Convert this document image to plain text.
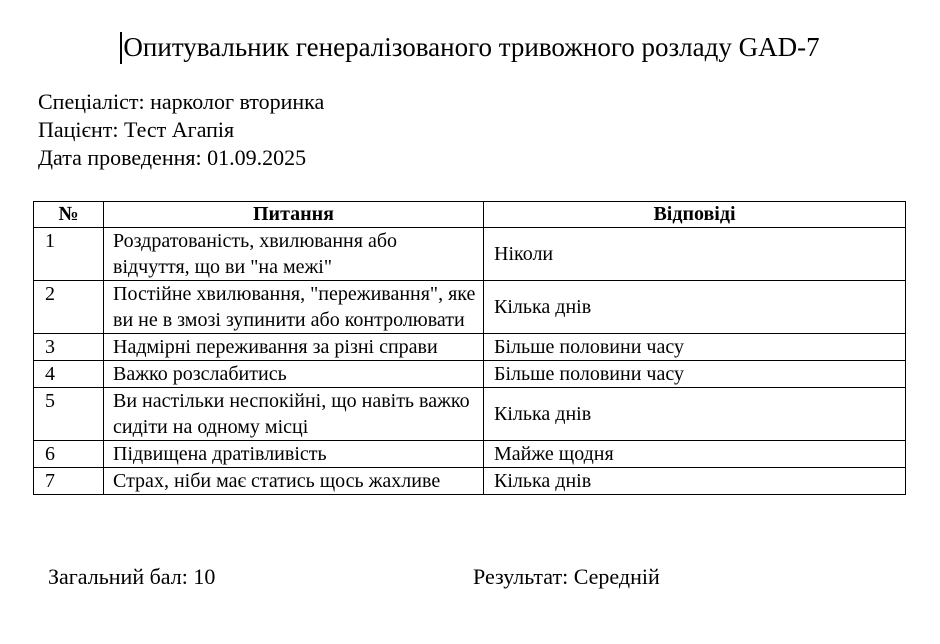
Опитувальник генералізованого тривожного розладу GAD-7
Спеціаліст: нарколог вторинка
Пацієнт: Тест Агапія
Дата проведення: 01.09.2025
№	Питання	Відповіді
1	Роздратованість, хвилювання або відчуття, що ви "на межі"	Ніколи
2	Постійне хвилювання, "переживання", яке ви не в змозі зупинити або контролювати	Кілька днів
3	Надмірні переживання за різні справи	Більше половини часу
4	Важко розслабитись	Більше половини часу
5	Ви настільки неспокійні, що навіть важко сидіти на одному місці	Кілька днів
6	Підвищена дратівливість	Майже щодня
7	Страх, ніби має статись щось жахливе	Кілька днів
Загальний бал: 10	Результат: Середній
